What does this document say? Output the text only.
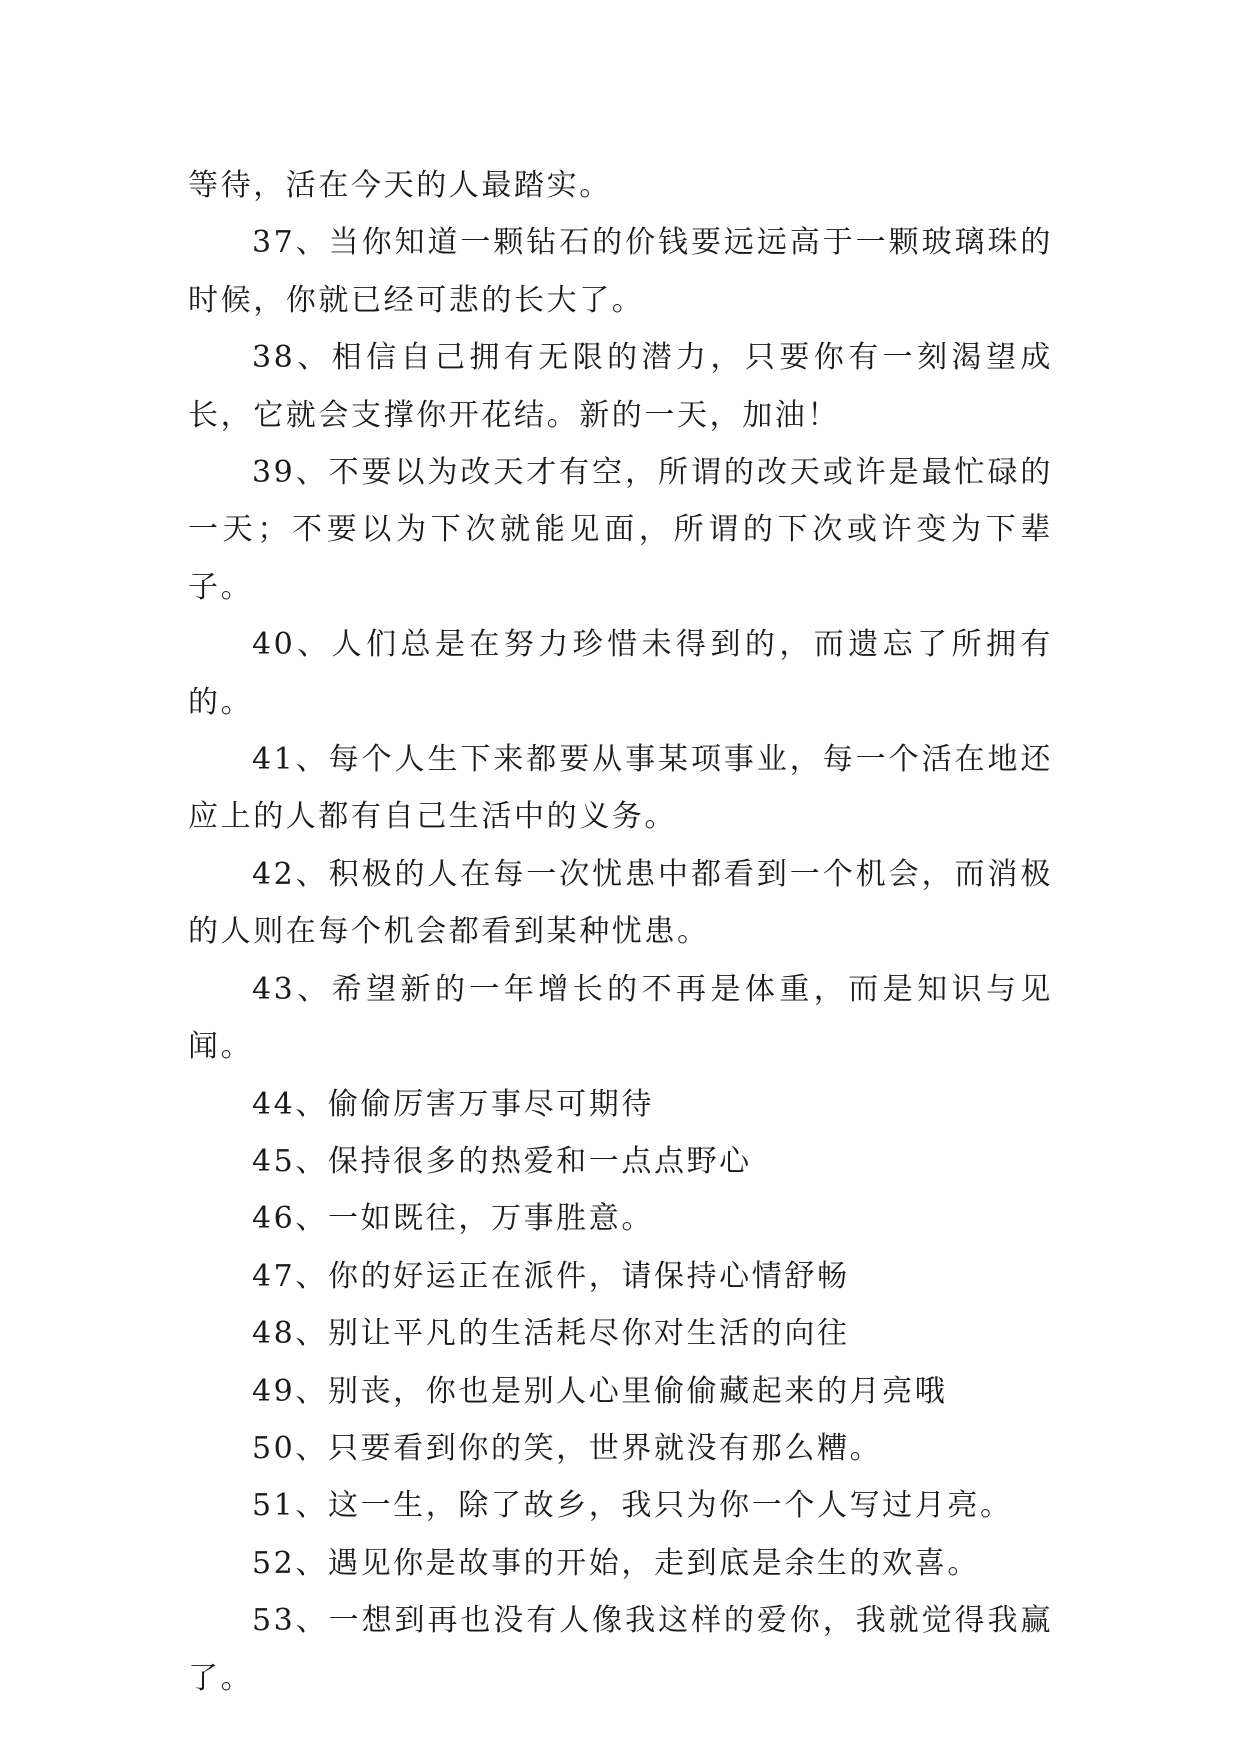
等待，活在今天的人最踏实。

37、当你知道一颗钻石的价钱要远远高于一颗玻璃珠的时候，你就已经可悲的长大了。

38、相信自己拥有无限的潜力，只要你有一刻渴望成长，它就会支撑你开花结。新的一天，加油！

39、不要以为改天才有空，所谓的改天或许是最忙碌的一天；不要以为下次就能见面，所谓的下次或许变为下辈子。

40、人们总是在努力珍惜未得到的，而遗忘了所拥有的。

41、每个人生下来都要从事某项事业，每一个活在地还应上的人都有自己生活中的义务。

42、积极的人在每一次忧患中都看到一个机会，而消极的人则在每个机会都看到某种忧患。

43、希望新的一年增长的不再是体重，而是知识与见闻。

44、偷偷厉害万事尽可期待

45、保持很多的热爱和一点点野心

46、一如既往，万事胜意。

47、你的好运正在派件，请保持心情舒畅

48、别让平凡的生活耗尽你对生活的向往

49、别丧，你也是别人心里偷偷藏起来的月亮哦

50、只要看到你的笑，世界就没有那么糟。

51、这一生，除了故乡，我只为你一个人写过月亮。

52、遇见你是故事的开始，走到底是余生的欢喜。

53、一想到再也没有人像我这样的爱你，我就觉得我赢了。
